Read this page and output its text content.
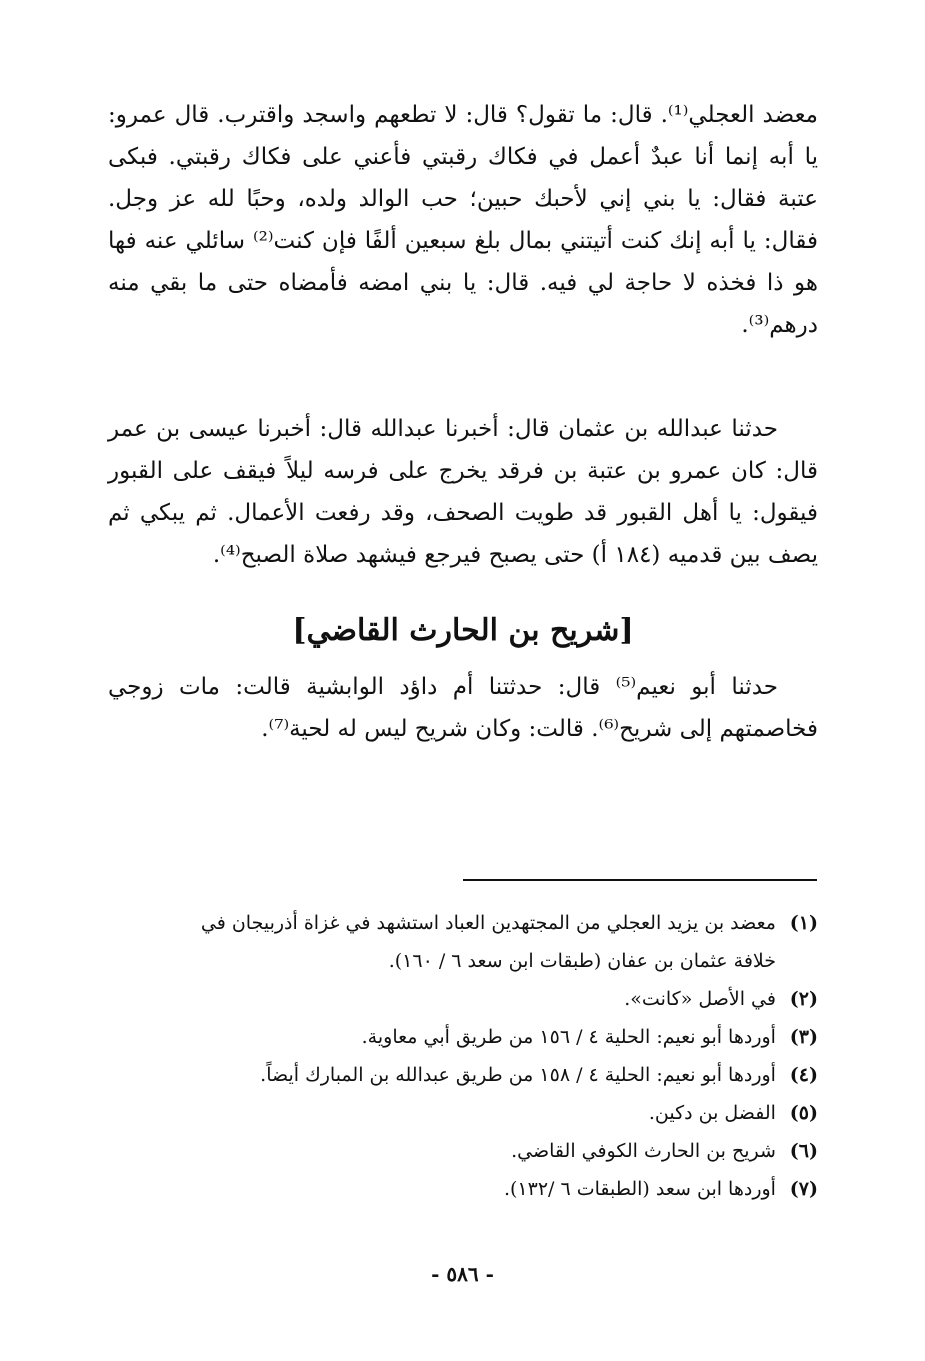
معضد العجلي⁽¹⁾. قال: ما تقول؟ قال: لا تطعهم واسجد واقترب. قال عمرو: يا أبه إنما أنا عبدٌ أعمل في فكاك رقبتي فأعني على فكاك رقبتي. فبكى عتبة فقال: يا بني إني لأحبك حبين؛ حب الوالد ولده، وحبًا لله عز وجل. فقال: يا أبه إنك كنت أتيتني بمال بلغ سبعين ألفًا فإن كنت⁽²⁾ سائلي عنه فها هو ذا فخذه لا حاجة لي فيه. قال: يا بني امضه فأمضاه حتى ما بقي منه درهم⁽³⁾.

حدثنا عبدالله بن عثمان قال: أخبرنا عبدالله قال: أخبرنا عيسى بن عمر قال: كان عمرو بن عتبة بن فرقد يخرج على فرسه ليلاً فيقف على القبور فيقول: يا أهل القبور قد طويت الصحف، وقد رفعت الأعمال. ثم يبكي ثم يصف بين قدميه (١٨٤ أ) حتى يصبح فيرجع فيشهد صلاة الصبح⁽⁴⁾.

[شريح بن الحارث القاضي]

حدثنا أبو نعيم⁽⁵⁾ قال: حدثتنا أم داؤد الوابشية قالت: مات زوجي فخاصمتهم إلى شريح⁽⁶⁾. قالت: وكان شريح ليس له لحية⁽⁷⁾.

(١) معضد بن يزيد العجلي من المجتهدين العباد استشهد في غزاة أذربيجان في
خلافة عثمان بن عفان (طبقات ابن سعد ٦ / ١٦٠).
(٢) في الأصل «كانت».
(٣) أوردها أبو نعيم: الحلية ٤ / ١٥٦ من طريق أبي معاوية.
(٤) أوردها أبو نعيم: الحلية ٤ / ١٥٨ من طريق عبدالله بن المبارك أيضاً.
(٥) الفضل بن دكين.
(٦) شريح بن الحارث الكوفي القاضي.
(٧) أوردها ابن سعد (الطبقات ٦ /١٣٢).
- ٥٨٦ -
